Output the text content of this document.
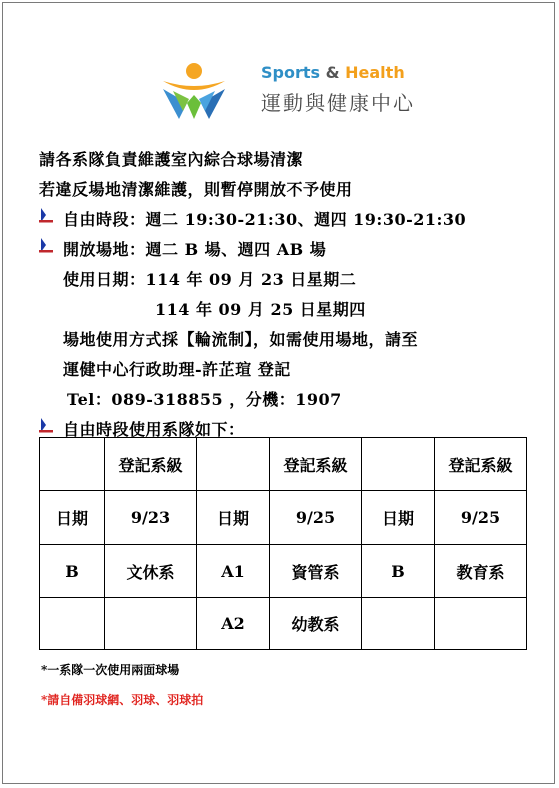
Sports & Health
運動與健康中心
請各系隊負責維護室內綜合球場清潔
若違反場地清潔維護，則暫停開放不予使用
自由時段：週二 19:30-21:30、週四 19:30-21:30
開放場地：週二 B 場、週四 AB 場
使用日期：114 年 09 月 23 日星期二
114 年 09 月 25 日星期四
場地使用方式採【輪流制】，如需使用場地，請至
運健中心行政助理-許芷瑄 登記
Tel：089-318855 ，分機：1907
自由時段使用系隊如下：
	登記系級		登記系級		登記系級
日期	9/23	日期	9/25	日期	9/25
B	文休系	A1	資管系	B	教育系
		A2	幼教系		
*一系隊一次使用兩面球場
*請自備羽球網、羽球、羽球拍
